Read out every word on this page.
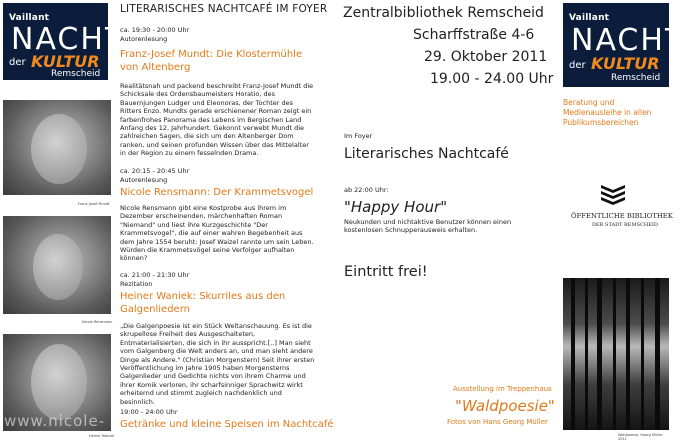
Vaillant
NACHT
der KULTUR
Remscheid
Franz-Josef Mundt
Nicole Rensmann
Heiner Waniek
www.nicole-
LITERARISCHES NACHTCAFÉ IM FOYER
ca. 19:30 - 20:00 Uhr
Autorenlesung
Franz-Josef Mundt: Die Klostermühle von Altenberg
Realitätsnah und packend beschreibt Franz-Josef Mundt die Schicksale des Ordensbaumeisters Horatio, des Bauernjungen Ludger und Eleonoras, der Tochter des Ritters Enzo. Mundts gerade erschienener Roman zeigt ein farbenfrohes Panorama des Lebens im Bergischen Land Anfang des 12. Jahrhundert. Gekonnt verwebt Mundt die zahlreichen Sagen, die sich um den Altenberger Dom ranken, und seinen profunden Wissen über das Mittelalter in der Region zu einem fesselnden Drama.
ca. 20:15 - 20:45 Uhr
Autorenlesung
Nicole Rensmann: Der Krammetsvogel
Nicole Rensmann gibt eine Kostprobe aus ihrem im Dezember erscheinenden, märchenhaften Roman "Niemand" und liest ihre Kurzgeschichte "Der Krammetsvogel", die auf einer wahren Begebenheit aus dem Jahre 1554 beruht: Josef Waizel rannte um sein Leben. Würden die Krammetsvögel seine Verfolger aufhalten können?
ca. 21:00 - 21:30 Uhr
Rezitation
Heiner Waniek: Skurriles aus den Galgenliedern
„Die Galgenpoesie ist ein Stück Weltanschauung. Es ist die skrupellose Freiheit des Ausgeschalteten, Entmaterialisierten, die sich in ihr ausspricht.[..] Man sieht vom Galgenberg die Welt anders an, und man sieht andere Dinge als Andere." (Christian Morgenstern) Seit ihrer ersten Veröffentlichung im Jahre 1905 haben Morgensterns Galgenlieder und Gedichte nichts von ihrem Charme und ihrer Komik verloren, ihr scharfsinniger Sprachwitz wirkt erheiternd und stimmt zugleich nachdenklich und besinnlich.
19:00 - 24:00 Uhr
Getränke und kleine Speisen im Nachtcafé
Zentralbibliothek Remscheid
Scharffstraße 4-6
29. Oktober 2011
19.00 - 24.00 Uhr
Im Foyer
Literarisches Nachtcafé
ab 22:00 Uhr:
"Happy Hour"
Neukunden und nichtaktive Benutzer können einen kostenlosen Schnupperausweis erhalten.
Eintritt frei!
Ausstellung im Treppenhaus
"Waldpoesie"
Fotos von Hans Georg Müller
Vaillant
NACHT
der KULTUR
Remscheid
Beratung und Medienausleihe in allen Publikumsbereichen
ÖFFENTLICHE BIBLIOTHEK
DER STADT REMSCHEID
Waldpoesie, Georg Müller 2011
